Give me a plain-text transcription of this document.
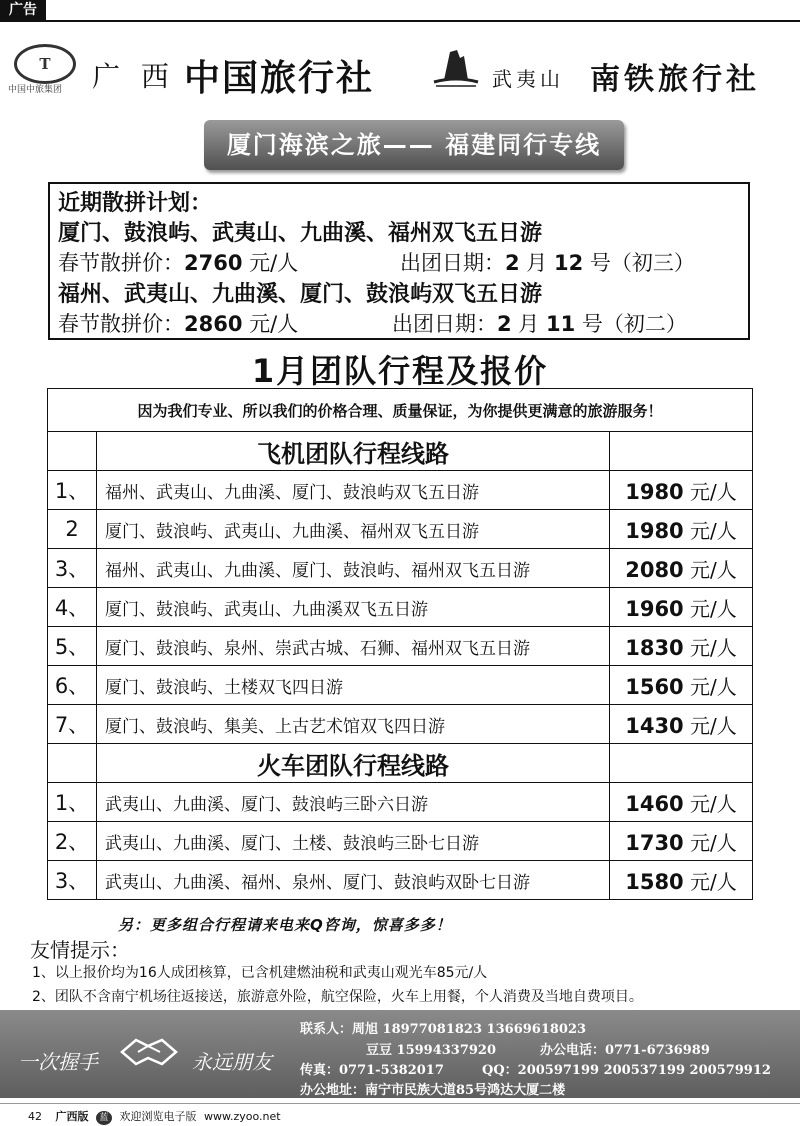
广告
T
中国中旅集团 广 西 中国旅行社	武夷山 南铁旅行社
厦门海滨之旅—— 福建同行专线
近期散拼计划：
厦门、鼓浪屿、武夷山、九曲溪、福州双飞五日游
春节散拼价：2760 元/人	出团日期：2 月 12 号（初三）
福州、武夷山、九曲溪、厦门、鼓浪屿双飞五日游
春节散拼价：2860 元/人	出团日期：2 月 11 号（初二）
1月团队行程及报价
因为我们专业、所以我们的价格合理、质量保证，为你提供更满意的旅游服务！		
	飞机团队行程线路	
1、	福州、武夷山、九曲溪、厦门、鼓浪屿双飞五日游	1980 元/人
2	厦门、鼓浪屿、武夷山、九曲溪、福州双飞五日游	1980 元/人
3、	福州、武夷山、九曲溪、厦门、鼓浪屿、福州双飞五日游	2080 元/人
4、	厦门、鼓浪屿、武夷山、九曲溪双飞五日游	1960 元/人
5、	厦门、鼓浪屿、泉州、崇武古城、石狮、福州双飞五日游	1830 元/人
6、	厦门、鼓浪屿、土楼双飞四日游	1560 元/人
7、	厦门、鼓浪屿、集美、上古艺术馆双飞四日游	1430 元/人
	火车团队行程线路	
1、	武夷山、九曲溪、厦门、鼓浪屿三卧六日游	1460 元/人
2、	武夷山、九曲溪、厦门、土楼、鼓浪屿三卧七日游	1730 元/人
3、	武夷山、九曲溪、福州、泉州、厦门、鼓浪屿双卧七日游	1580 元/人
另：更多组合行程请来电来Q咨询，惊喜多多！
友情提示：
1、以上报价均为16人成团核算，已含机建燃油税和武夷山观光车85元/人
2、团队不含南宁机场往返接送，旅游意外险，航空保险，火车上用餐，个人消费及当地自费项目。
联系人：周旭 18977081823 13669618023
豆豆 15994337920	办公电话：0771-6736989
传真：0771-5382017	QQ：200597199 200537199 200579912
办公地址：南宁市民族大道85号鸿达大厦二楼
一次握手	永远朋友
42 广西版 蓝 欢迎浏览电子版 www.zyoo.net
